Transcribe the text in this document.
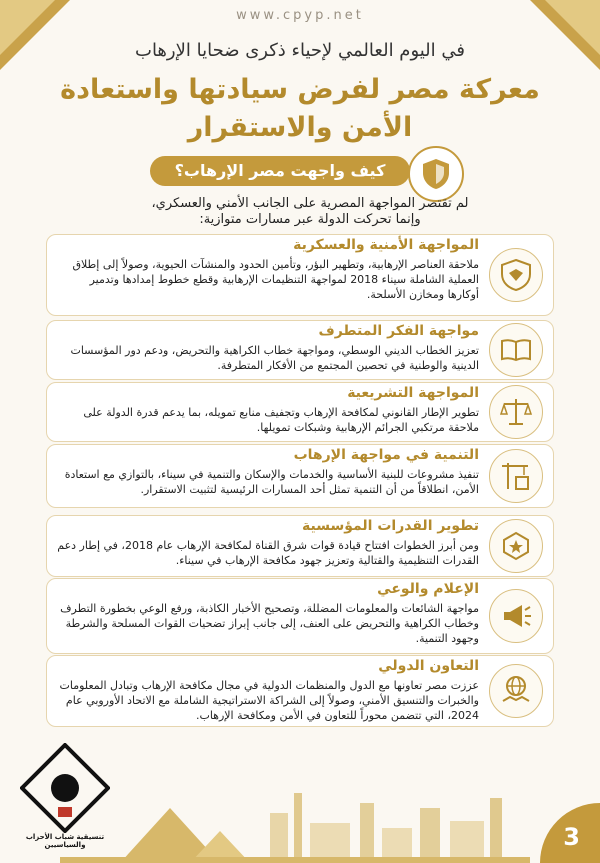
www.cpyp.net
في اليوم العالمي لإحياء ذكرى ضحايا الإرهاب
معركة مصر لفرض سيادتها واستعادة
الأمن والاستقرار
كيف واجهت مصر الإرهاب؟
لم تقتصر المواجهة المصرية على الجانب الأمني والعسكري،
وإنما تحركت الدولة عبر مسارات متوازية:
المواجهة الأمنية والعسكرية
ملاحقة العناصر الإرهابية، وتطهير البؤر، وتأمين الحدود والمنشآت الحيوية، وصولاً إلى إطلاق العملية الشاملة سيناء 2018 لمواجهة التنظيمات الإرهابية وقطع خطوط إمدادها وتدمير أوكارها ومخازن الأسلحة.
مواجهة الفكر المتطرف
تعزيز الخطاب الديني الوسطي، ومواجهة خطاب الكراهية والتحريض، ودعم دور المؤسسات الدينية والوطنية في تحصين المجتمع من الأفكار المتطرفة.
المواجهة التشريعية
تطوير الإطار القانوني لمكافحة الإرهاب وتجفيف منابع تمويله، بما يدعم قدرة الدولة على ملاحقة مرتكبي الجرائم الإرهابية وشبكات تمويلها.
التنمية في مواجهة الإرهاب
تنفيذ مشروعات للبنية الأساسية والخدمات والإسكان والتنمية في سيناء، بالتوازي مع استعادة الأمن، انطلاقاً من أن التنمية تمثل أحد المسارات الرئيسية لتثبيت الاستقرار.
تطوير القدرات المؤسسية
ومن أبرز الخطوات افتتاح قيادة قوات شرق القناة لمكافحة الإرهاب عام 2018، في إطار دعم القدرات التنظيمية والقتالية وتعزيز جهود مكافحة الإرهاب في سيناء.
الإعلام والوعي
مواجهة الشائعات والمعلومات المضللة، وتصحيح الأخبار الكاذبة، ورفع الوعي بخطورة التطرف وخطاب الكراهية والتحريض على العنف، إلى جانب إبراز تضحيات القوات المسلحة والشرطة وجهود التنمية.
التعاون الدولي
عززت مصر تعاونها مع الدول والمنظمات الدولية في مجال مكافحة الإرهاب وتبادل المعلومات والخبرات والتنسيق الأمني، وصولاً إلى الشراكة الاستراتيجية الشاملة مع الاتحاد الأوروبي عام 2024، التي تتضمن محوراً للتعاون في الأمن ومكافحة الإرهاب.
تنسيقية شباب الأحزاب والسياسيين	3
